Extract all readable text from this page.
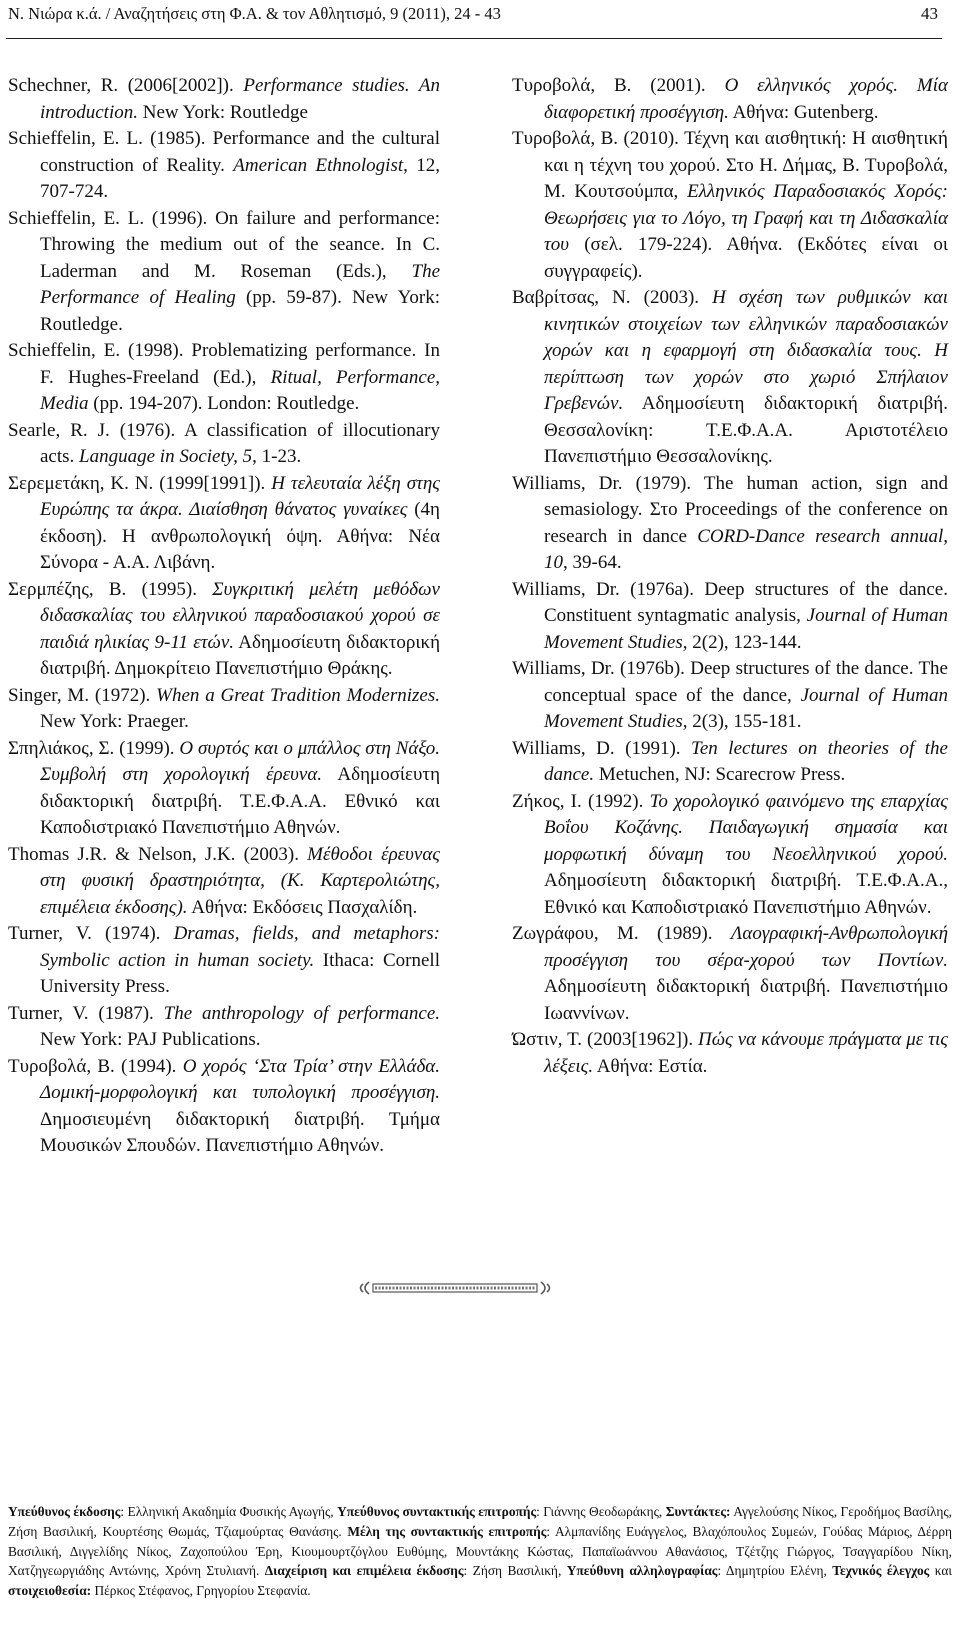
Ν. Νιώρα κ.ά. / Αναζητήσεις στη Φ.Α. & τον Αθλητισμό, 9 (2011), 24 - 43	43

Schechner, R. (2006[2002]). Performance studies. An introduction. New York: Routledge

Schieffelin, E. L. (1985). Performance and the cultural construction of Reality. American Ethnologist, 12, 707-724.

Schieffelin, E. L. (1996). On failure and performance: Throwing the medium out of the seance. In C. Laderman and M. Roseman (Eds.), The Performance of Healing (pp. 59-87). New York: Routledge.

Schieffelin, E. (1998). Problematizing performance. In F. Hughes-Freeland (Ed.), Ritual, Performance, Media (pp. 194-207). London: Routledge.

Searle, R. J. (1976). A classification of illocutionary acts. Language in Society, 5, 1-23.

Σερεμετάκη, Κ. Ν. (1999[1991]). Η τελευταία λέξη στης Ευρώπης τα άκρα. Διαίσθηση θάνατος γυναίκες (4η έκδοση). Η ανθρωπολογική όψη. Αθήνα: Νέα Σύνορα - Α.Α. Λιβάνη.

Σερμπέζης, Β. (1995). Συγκριτική μελέτη μεθόδων διδασκαλίας του ελληνικού παραδοσιακού χορού σε παιδιά ηλικίας 9-11 ετών. Αδημοσίευτη διδακτορική διατριβή. Δημοκρίτειο Πανεπιστήμιο Θράκης.

Singer, M. (1972). When a Great Tradition Modernizes. New York: Praeger.

Σπηλιάκος, Σ. (1999). Ο συρτός και ο μπάλλος στη Νάξο. Συμβολή στη χορολογική έρευνα. Αδημοσίευτη διδακτορική διατριβή. Τ.Ε.Φ.Α.Α. Εθνικό και Καποδιστριακό Πανεπιστήμιο Αθηνών.

Thomas J.R. & Nelson, J.K. (2003). Μέθοδοι έρευνας στη φυσική δραστηριότητα, (Κ. Καρτερολιώτης, επιμέλεια έκδοσης). Αθήνα: Εκδόσεις Πασχαλίδη.

Turner, V. (1974). Dramas, fields, and metaphors: Symbolic action in human society. Ithaca: Cornell University Press.

Turner, V. (1987). The anthropology of performance. New York: PAJ Publications.

Τυροβολά, Β. (1994). Ο χορός ‘Στα Τρία’ στην Ελλάδα. Δομική-μορφολογική και τυπολογική προσέγγιση. Δημοσιευμένη διδακτορική διατριβή. Τμήμα Μουσικών Σπουδών. Πανεπιστήμιο Αθηνών.

Τυροβολά, Β. (2001). Ο ελληνικός χορός. Μία διαφορετική προσέγγιση. Αθήνα: Gutenberg.

Τυροβολά, Β. (2010). Τέχνη και αισθητική: Η αισθητική και η τέχνη του χορού. Στο Η. Δήμας, Β. Τυροβολά, Μ. Κουτσούμπα, Ελληνικός Παραδοσιακός Χορός: Θεωρήσεις για το Λόγο, τη Γραφή και τη Διδασκαλία του (σελ. 179-224). Αθήνα. (Εκδότες είναι οι συγγραφείς).

Βαβρίτσας, Ν. (2003). Η σχέση των ρυθμικών και κινητικών στοιχείων των ελληνικών παραδοσιακών χορών και η εφαρμογή στη διδασκαλία τους. Η περίπτωση των χορών στο χωριό Σπήλαιον Γρεβενών. Αδημοσίευτη διδακτορική διατριβή. Θεσσαλονίκη: Τ.Ε.Φ.Α.Α. Αριστοτέλειο Πανεπιστήμιο Θεσσαλονίκης.

Williams, Dr. (1979). The human action, sign and semasiology. Στο Proceedings of the conference on research in dance CORD-Dance research annual, 10, 39-64.

Williams, Dr. (1976a). Deep structures of the dance. Constituent syntagmatic analysis, Journal of Human Movement Studies, 2(2), 123-144.

Williams, Dr. (1976b). Deep structures of the dance. The conceptual space of the dance, Journal of Human Movement Studies, 2(3), 155-181.

Williams, D. (1991). Ten lectures on theories of the dance. Metuchen, NJ: Scarecrow Press.

Ζήκος, Ι. (1992). Το χορολογικό φαινόμενο της επαρχίας Βοΐου Κοζάνης. Παιδαγωγική σημασία και μορφωτική δύναμη του Νεοελληνικού χορού. Αδημοσίευτη διδακτορική διατριβή. Τ.Ε.Φ.Α.Α., Εθνικό και Καποδιστριακό Πανεπιστήμιο Αθηνών.

Ζωγράφου, Μ. (1989). Λαογραφική-Ανθρωπολογική προσέγγιση του σέρα-χορού των Ποντίων. Αδημοσίευτη διδακτορική διατριβή. Πανεπιστήμιο Ιωαννίνων.

Ώστιν, Τ. (2003[1962]). Πώς να κάνουμε πράγματα με τις λέξεις. Αθήνα: Εστία.

Υπεύθυνος έκδοσης: Ελληνική Ακαδημία Φυσικής Αγωγής, Υπεύθυνος συντακτικής επιτροπής: Γιάννης Θεοδωράκης, Συντάκτες: Αγγελούσης Νίκος, Γεροδήμος Βασίλης, Ζήση Βασιλική, Κουρτέσης Θωμάς, Τζιαμούρτας Θανάσης. Μέλη της συντακτικής επιτροπής: Αλμπανίδης Ευάγγελος, Βλαχόπουλος Συμεών, Γούδας Μάριος, Δέρρη Βασιλική, Διγγελίδης Νίκος, Ζαχοπούλου Έρη, Κιουμουρτζόγλου Ευθύμης, Μουντάκης Κώστας, Παπαϊωάννου Αθανάσιος, Τζέτζης Γιώργος, Τσαγγαρίδου Νίκη, Χατζηγεωργιάδης Αντώνης, Χρόνη Στυλιανή. Διαχείριση και επιμέλεια έκδοσης: Ζήση Βασιλική, Υπεύθυνη αλληλογραφίας: Δημητρίου Ελένη, Τεχνικός έλεγχος και στοιχειοθεσία: Πέρκος Στέφανος, Γρηγορίου Στεφανία.
